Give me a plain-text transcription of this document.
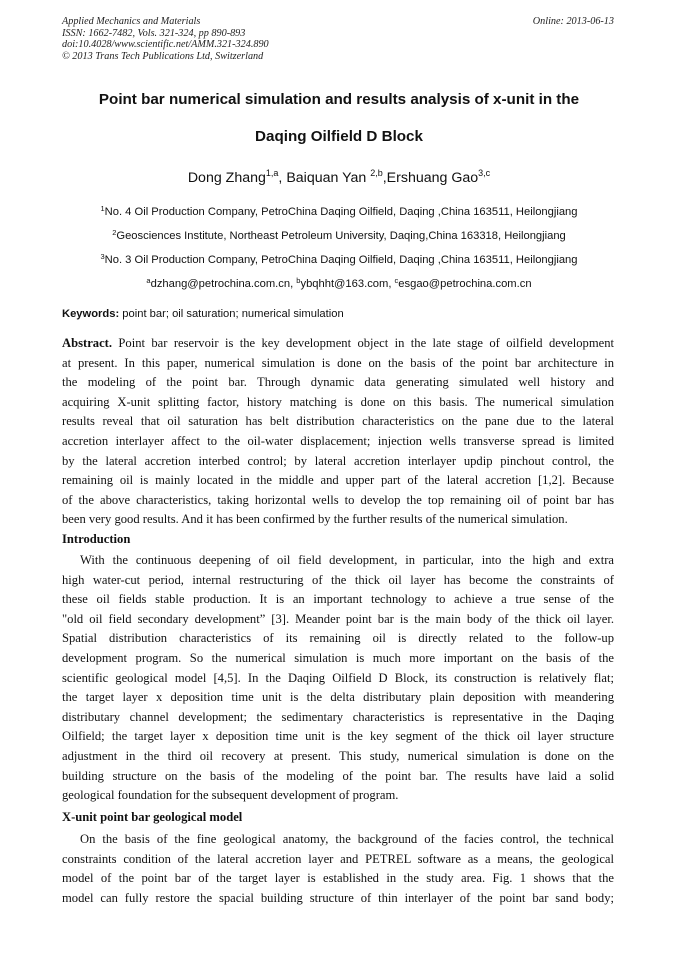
Applied Mechanics and Materials
ISSN: 1662-7482, Vols. 321-324, pp 890-893
doi:10.4028/www.scientific.net/AMM.321-324.890
© 2013 Trans Tech Publications Ltd, Switzerland
Online: 2013-06-13
Point bar numerical simulation and results analysis of x-unit in the
Daqing Oilfield D Block
Dong Zhang$^{1,a}$, Baiquan Yan $^{2,b}$,Ershuang Gao$^{3,c}$
$^1$No. 4 Oil Production Company, PetroChina Daqing Oilfield, Daqing ,China 163511, Heilongjiang
$^2$Geosciences Institute, Northeast Petroleum University, Daqing,China 163318, Heilongjiang
$^3$No. 3 Oil Production Company, PetroChina Daqing Oilfield, Daqing ,China 163511, Heilongjiang
$^a$dzhang@petrochina.com.cn, $^b$ybqhht@163.com, $^c$esgao@petrochina.com.cn
Keywords: point bar; oil saturation; numerical simulation
Abstract. Point bar reservoir is the key development object in the late stage of oilfield development
at present. In this paper, numerical simulation is done on the basis of the point bar architecture in
the modeling of the point bar. Through dynamic data generating simulated well history and
acquiring X-unit splitting factor, history matching is done on this basis. The numerical simulation
results reveal that oil saturation has belt distribution characteristics on the pane due to the lateral
accretion interlayer affect to the oil-water displacement; injection wells transverse spread is limited
by the lateral accretion interbed control; by lateral accretion interlayer updip pinchout control, the
remaining oil is mainly located in the middle and upper part of the lateral accretion [1,2]. Because
of the above characteristics, taking horizontal wells to develop the top remaining oil of point bar has
been very good results. And it has been confirmed by the further results of the numerical simulation.
Introduction
With the continuous deepening of oil field development, in particular, into the high and extra
high water-cut period, internal restructuring of the thick oil layer has become the constraints of
these oil fields stable production. It is an important technology to achieve a true sense of the
"old oil field secondary development” [3]. Meander point bar is the main body of the thick oil layer.
Spatial distribution characteristics of its remaining oil is directly related to the follow-up
development program. So the numerical simulation is much more important on the basis of the
scientific geological model [4,5]. In the Daqing Oilfield D Block, its construction is relatively flat;
the target layer x deposition time unit is the delta distributary plain deposition with meandering
distributary channel development; the sedimentary characteristics is representative in the Daqing
Oilfield; the target layer x deposition time unit is the key segment of the thick oil layer structure
adjustment in the third oil recovery at present. This study, numerical simulation is done on the
building structure on the basis of the modeling of the point bar. The results have laid a solid
geological foundation for the subsequent development of program.
X-unit point bar geological model
On the basis of the fine geological anatomy, the background of the facies control, the technical
constraints condition of the lateral accretion layer and PETREL software as a means, the geological
model of the point bar of the target layer is established in the study area. Fig. 1 shows that the
model can fully restore the spacial building structure of thin interlayer of the point bar sand body;
